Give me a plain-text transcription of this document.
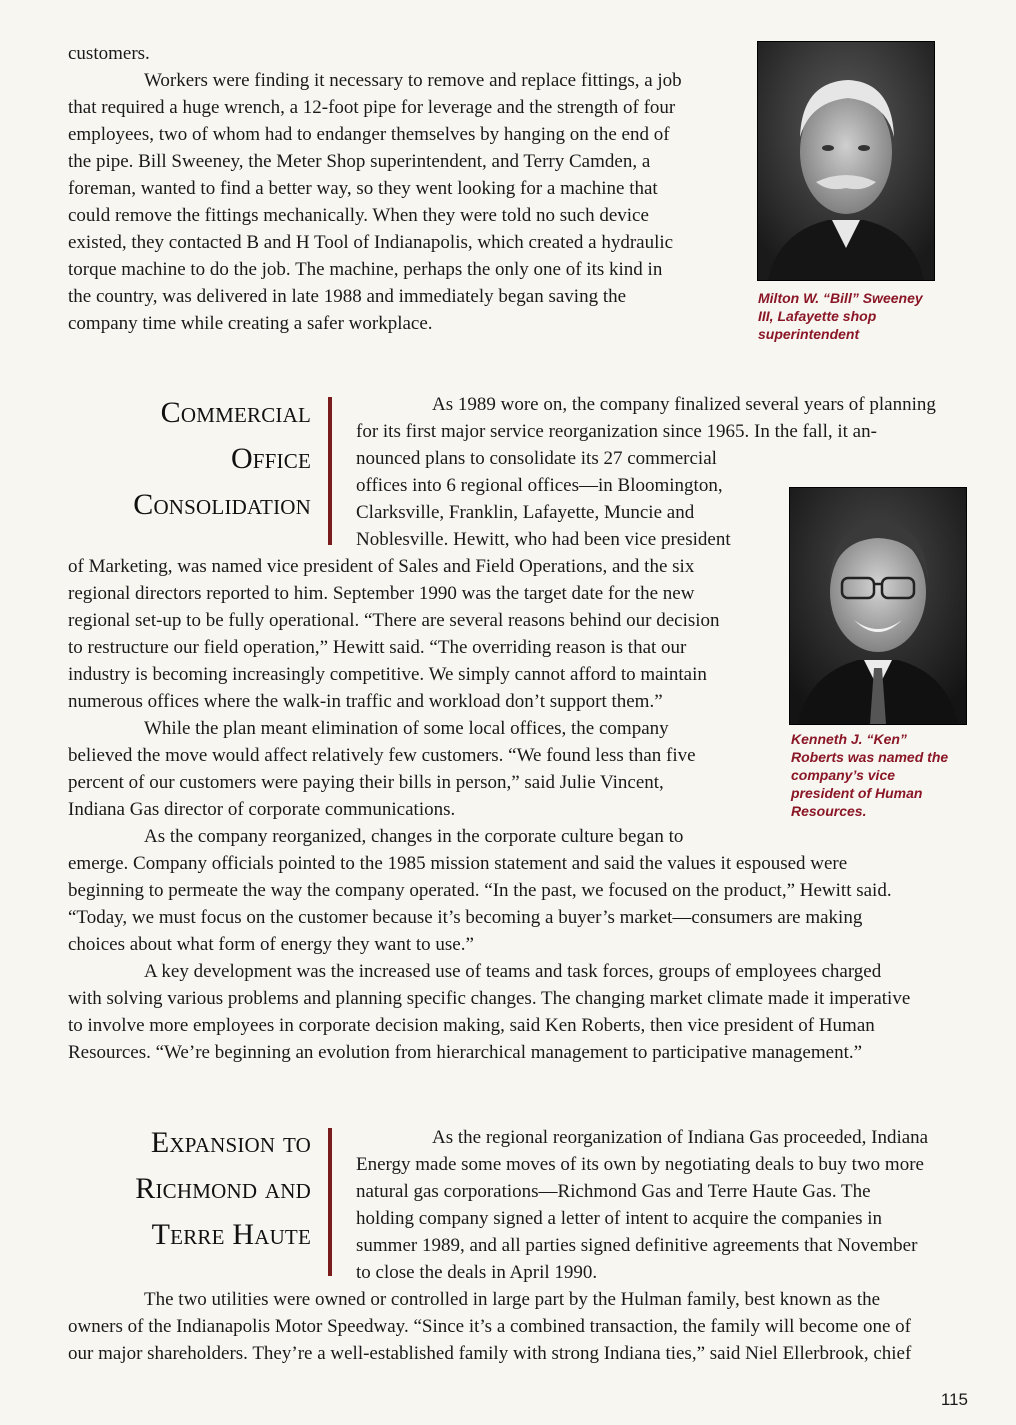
customers.
Workers were finding it necessary to remove and replace fittings, a job
that required a huge wrench, a 12-foot pipe for leverage and the strength of four
employees, two of whom had to endanger themselves by hanging on the end of
the pipe. Bill Sweeney, the Meter Shop superintendent, and Terry Camden, a
foreman, wanted to find a better way, so they went looking for a machine that
could remove the fittings mechanically. When they were told no such device
existed, they contacted B and H Tool of Indianapolis, which created a hydraulic
torque machine to do the job. The machine, perhaps the only one of its kind in
the country, was delivered in late 1988 and immediately began saving the
company time while creating a safer workplace.
Milton W. “Bill” Sweeney
III, Lafayette shop
superintendent
Commercial
Office
Consolidation
As 1989 wore on, the company finalized several years of planning
for its first major service reorganization since 1965. In the fall, it an-
nounced plans to consolidate its 27 commercial
offices into 6 regional offices—in Bloomington,
Clarksville, Franklin, Lafayette, Muncie and
Noblesville. Hewitt, who had been vice president
of Marketing, was named vice president of Sales and Field Operations, and the six
regional directors reported to him. September 1990 was the target date for the new
regional set-up to be fully operational. “There are several reasons behind our decision
to restructure our field operation,” Hewitt said. “The overriding reason is that our
industry is becoming increasingly competitive. We simply cannot afford to maintain
numerous offices where the walk-in traffic and workload don’t support them.”
While the plan meant elimination of some local offices, the company
believed the move would affect relatively few customers. “We found less than five
percent of our customers were paying their bills in person,” said Julie Vincent,
Indiana Gas director of corporate communications.
As the company reorganized, changes in the corporate culture began to
emerge. Company officials pointed to the 1985 mission statement and said the values it espoused were
beginning to permeate the way the company operated. “In the past, we focused on the product,” Hewitt said.
“Today, we must focus on the customer because it’s becoming a buyer’s market—consumers are making
choices about what form of energy they want to use.”
A key development was the increased use of teams and task forces, groups of employees charged
with solving various problems and planning specific changes. The changing market climate made it imperative
to involve more employees in corporate decision making, said Ken Roberts, then vice president of Human
Resources. “We’re beginning an evolution from hierarchical management to participative management.”
Kenneth J. “Ken”
Roberts was named the
company’s vice
president of Human
Resources.
Expansion to
Richmond and
Terre Haute
As the regional reorganization of Indiana Gas proceeded, Indiana
Energy made some moves of its own by negotiating deals to buy two more
natural gas corporations—Richmond Gas and Terre Haute Gas. The
holding company signed a letter of intent to acquire the companies in
summer 1989, and all parties signed definitive agreements that November
to close the deals in April 1990.
The two utilities were owned or controlled in large part by the Hulman family, best known as the
owners of the Indianapolis Motor Speedway. “Since it’s a combined transaction, the family will become one of
our major shareholders. They’re a well-established family with strong Indiana ties,” said Niel Ellerbrook, chief
115
